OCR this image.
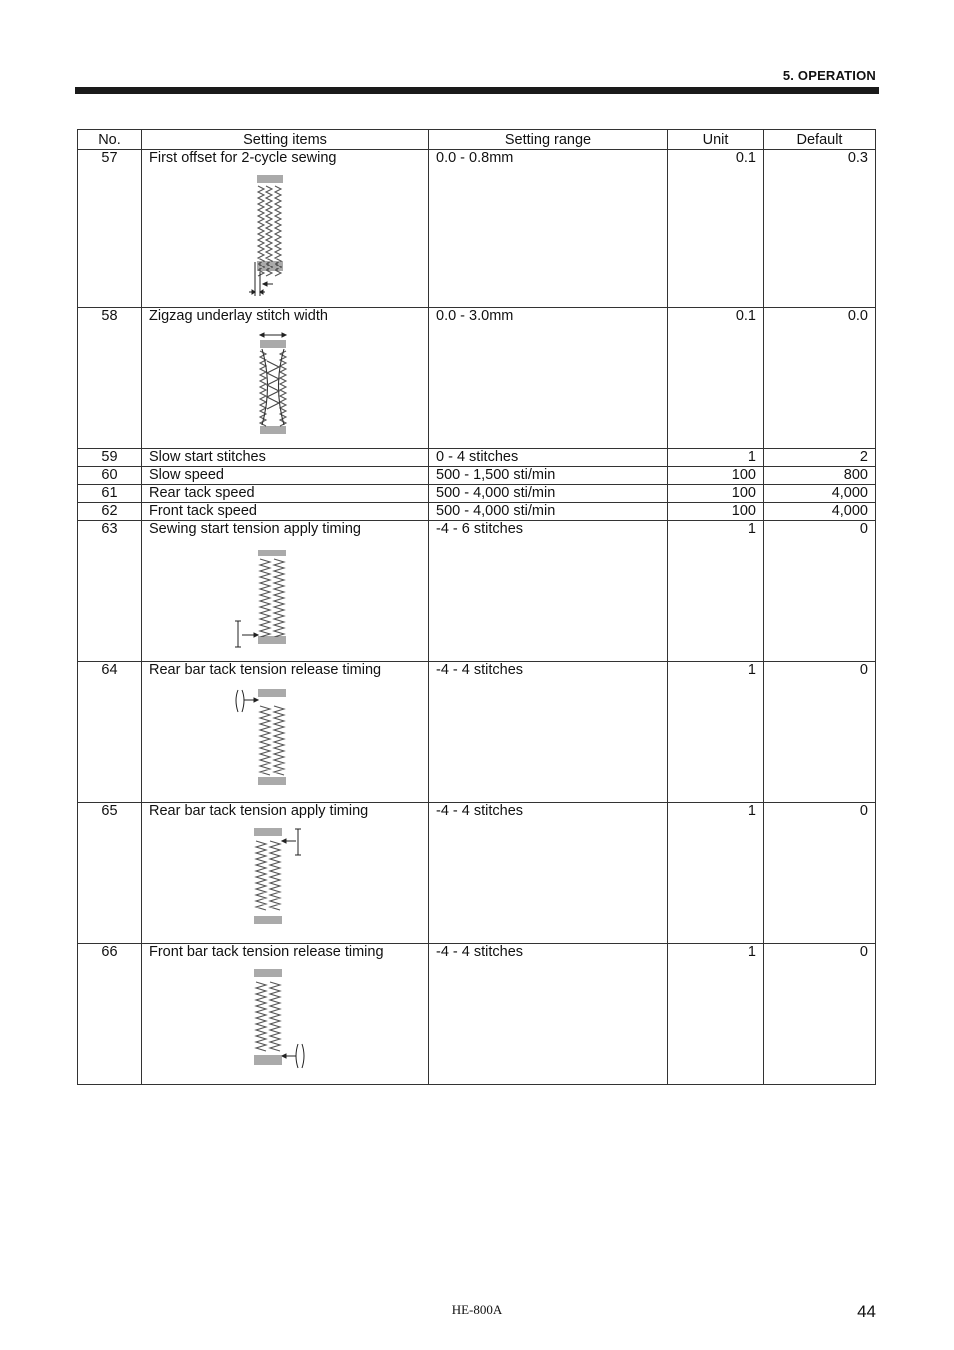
5. OPERATION
No.	Setting items	Setting range	Unit	Default
57	First offset for 2-cycle sewing	0.0 - 0.8mm	0.1	0.3
58	Zigzag underlay stitch width	0.0 - 3.0mm	0.1	0.0
59	Slow start stitches	0 - 4 stitches	1	2
60	Slow speed	500 - 1,500 sti/min	100	800
61	Rear tack speed	500 - 4,000 sti/min	100	4,000
62	Front tack speed	500 - 4,000 sti/min	100	4,000
63	Sewing start tension apply timing	-4 - 6 stitches	1	0
64	Rear bar tack tension release timing	-4 - 4 stitches	1	0
65	Rear bar tack tension apply timing	-4 - 4 stitches	1	0
66	Front bar tack tension release timing	-4 - 4 stitches	1	0
HE-800A	44
